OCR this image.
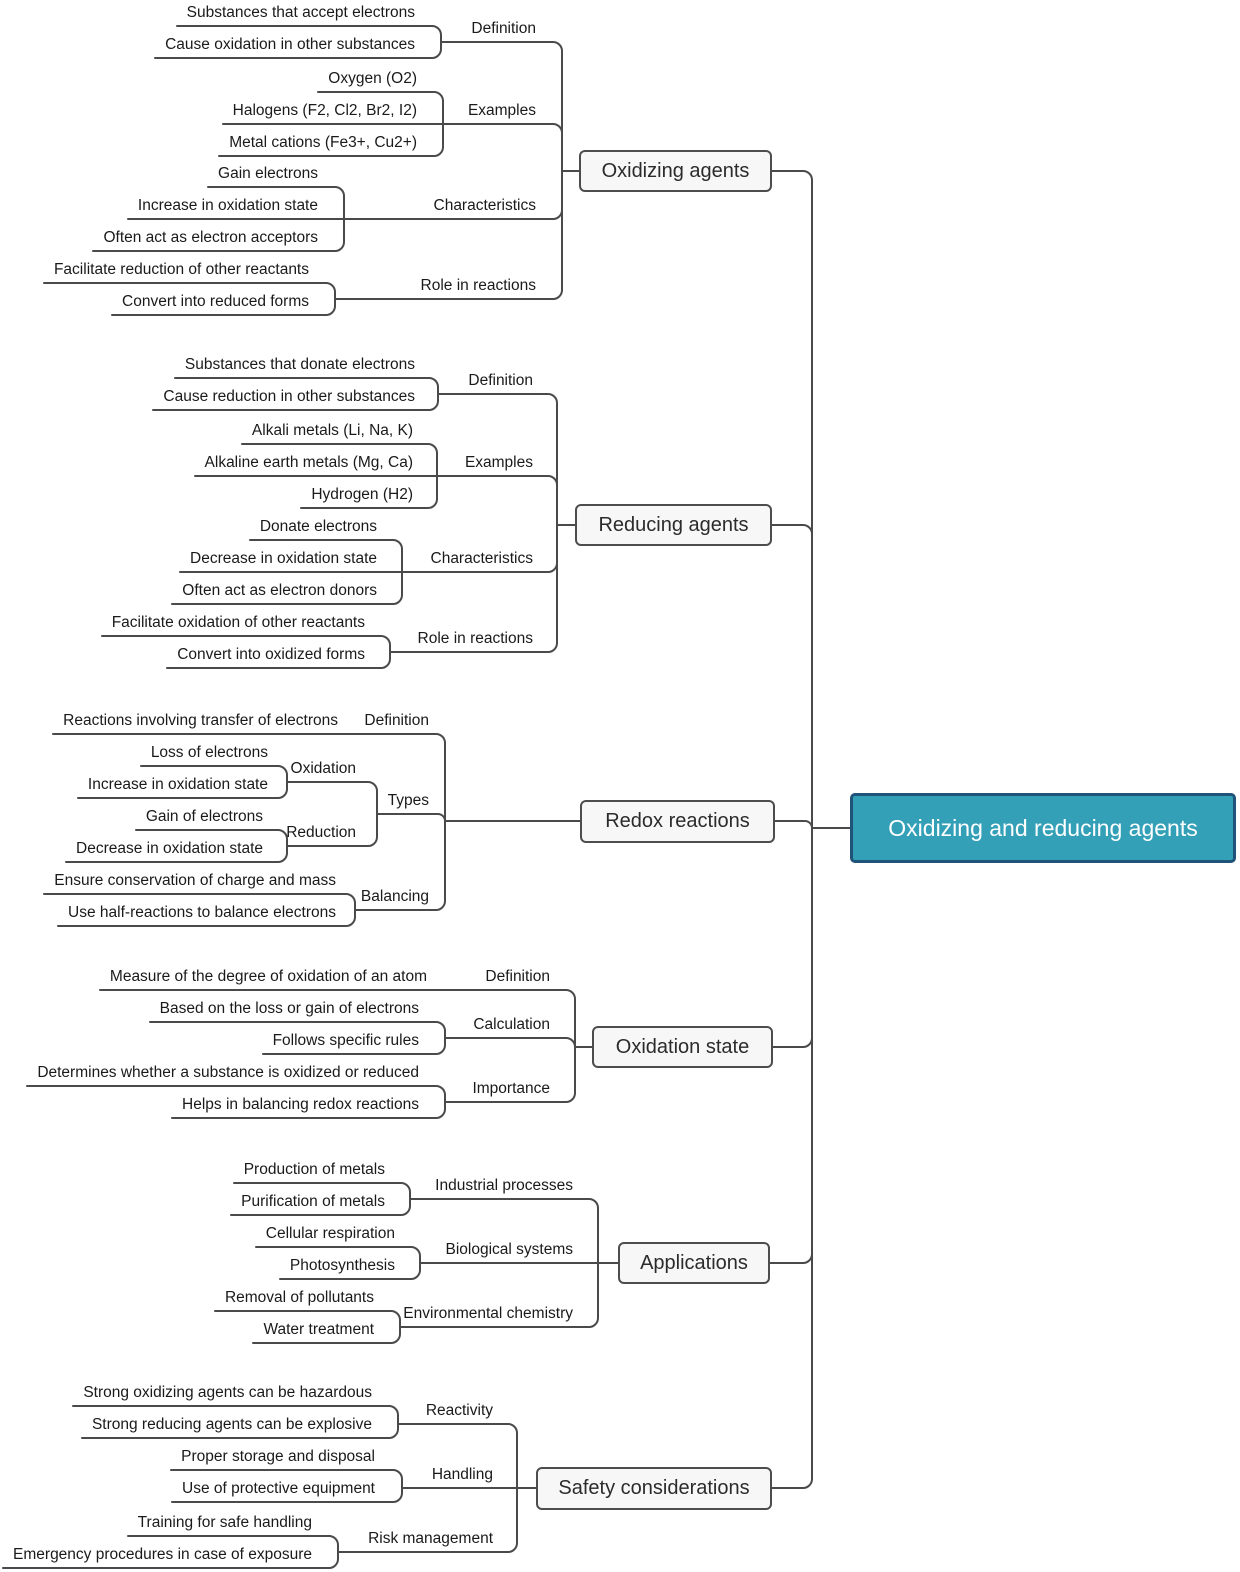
Oxidizing agents
Reducing agents
Redox reactions
Oxidation state
Applications
Safety considerations
Oxidizing and reducing agents
Definition
Substances that accept electrons
Cause oxidation in other substances
Examples
Oxygen (O2)
Halogens (F2, Cl2, Br2, I2)
Metal cations (Fe3+, Cu2+)
Characteristics
Gain electrons
Increase in oxidation state
Often act as electron acceptors
Role in reactions
Facilitate reduction of other reactants
Convert into reduced forms
Definition
Substances that donate electrons
Cause reduction in other substances
Examples
Alkali metals (Li, Na, K)
Alkaline earth metals (Mg, Ca)
Hydrogen (H2)
Characteristics
Donate electrons
Decrease in oxidation state
Often act as electron donors
Role in reactions
Facilitate oxidation of other reactants
Convert into oxidized forms
Definition
Reactions involving transfer of electrons
Types
Oxidation
Loss of electrons
Increase in oxidation state
Reduction
Gain of electrons
Decrease in oxidation state
Balancing
Ensure conservation of charge and mass
Use half-reactions to balance electrons
Definition
Measure of the degree of oxidation of an atom
Calculation
Based on the loss or gain of electrons
Follows specific rules
Importance
Determines whether a substance is oxidized or reduced
Helps in balancing redox reactions
Industrial processes
Production of metals
Purification of metals
Biological systems
Cellular respiration
Photosynthesis
Environmental chemistry
Removal of pollutants
Water treatment
Reactivity
Strong oxidizing agents can be hazardous
Strong reducing agents can be explosive
Handling
Proper storage and disposal
Use of protective equipment
Risk management
Training for safe handling
Emergency procedures in case of exposure
